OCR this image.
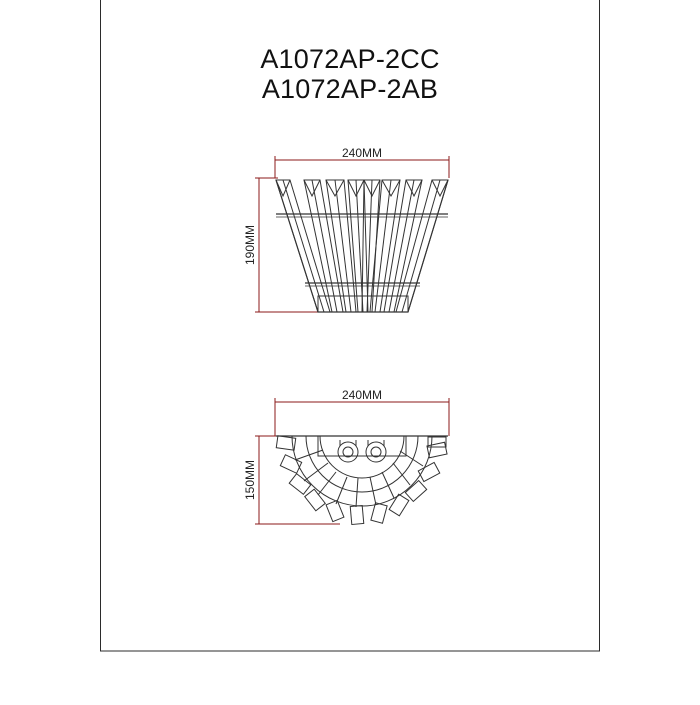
240MM
190MM
240MM
150MM
A1072AP-2CC
A1072AP-2AB
